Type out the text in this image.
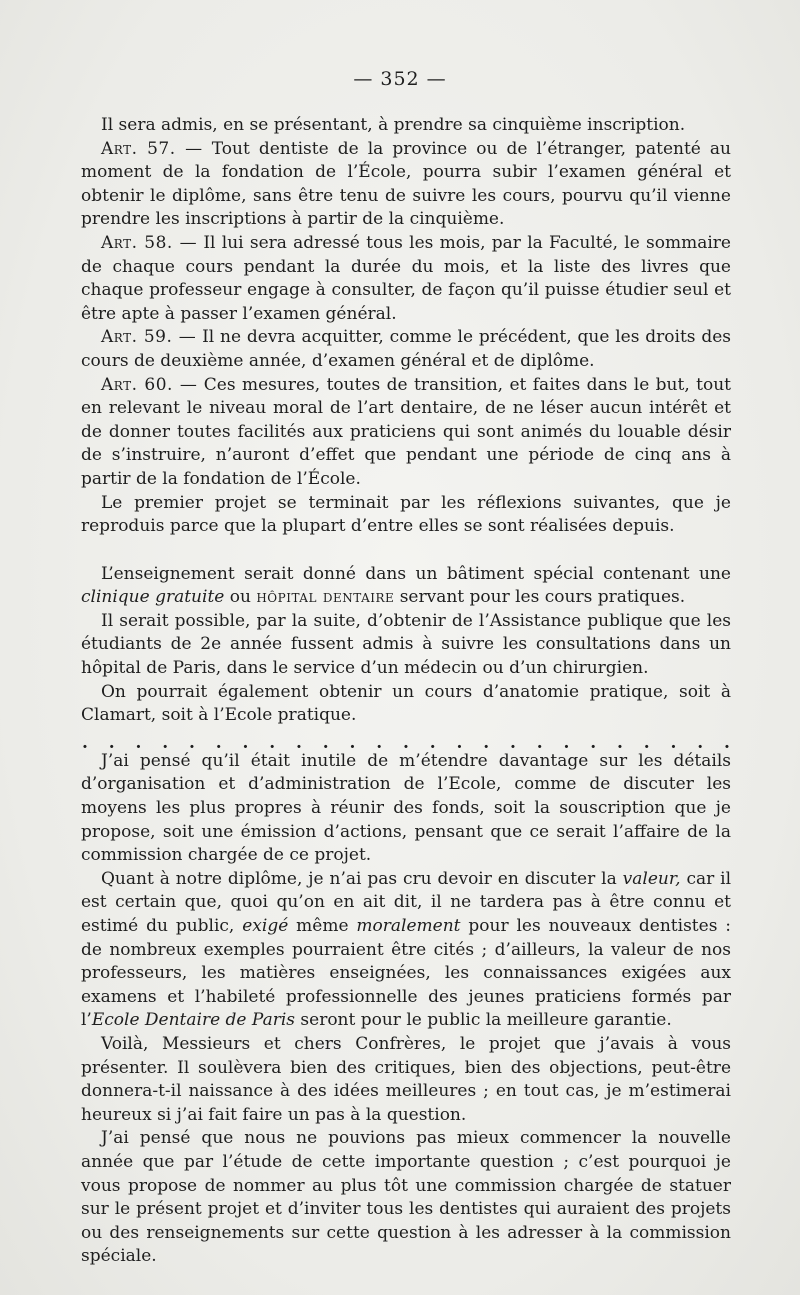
— 352 —

Il sera admis, en se présentant, à prendre sa cinquième inscription.

Art. 57. — Tout dentiste de la province ou de l’étranger, patenté au moment de la fondation de l’École, pourra subir l’examen général et obtenir le diplôme, sans être tenu de suivre les cours, pourvu qu’il vienne prendre les inscriptions à partir de la cinquième.

Art. 58. — Il lui sera adressé tous les mois, par la Faculté, le sommaire de chaque cours pendant la durée du mois, et la liste des livres que chaque professeur engage à consulter, de façon qu’il puisse étudier seul et être apte à passer l’examen général.

Art. 59. — Il ne devra acquitter, comme le précédent, que les droits des cours de deuxième année, d’examen général et de diplôme.

Art. 60. — Ces mesures, toutes de transition, et faites dans le but, tout en relevant le niveau moral de l’art dentaire, de ne léser aucun intérêt et de donner toutes facilités aux praticiens qui sont animés du louable désir de s’instruire, n’auront d’effet que pendant une période de cinq ans à partir de la fondation de l’École.

Le premier projet se terminait par les réflexions suivantes, que je reproduis parce que la plupart d’entre elles se sont réalisées depuis.

L’enseignement serait donné dans un bâtiment spécial contenant une clinique gratuite ou hôpital dentaire servant pour les cours pratiques.

Il serait possible, par la suite, d’obtenir de l’Assistance publique que les étudiants de 2e année fussent admis à suivre les consultations dans un hôpital de Paris, dans le service d’un médecin ou d’un chirurgien.

On pourrait également obtenir un cours d’anatomie pratique, soit à Clamart, soit à l’Ecole pratique.

. . . . . . . . . . . . . . . . . . . . . . . . .

J’ai pensé qu’il était inutile de m’étendre davantage sur les détails d’organisation et d’administration de l’Ecole, comme de discuter les moyens les plus propres à réunir des fonds, soit la souscription que je propose, soit une émission d’actions, pensant que ce serait l’affaire de la commission chargée de ce projet.

Quant à notre diplôme, je n’ai pas cru devoir en discuter la valeur, car il est certain que, quoi qu’on en ait dit, il ne tardera pas à être connu et estimé du public, exigé même moralement pour les nouveaux dentistes : de nombreux exemples pourraient être cités ; d’ailleurs, la valeur de nos professeurs, les matières enseignées, les connaissances exigées aux examens et l’habileté professionnelle des jeunes praticiens formés par l’Ecole Dentaire de Paris seront pour le public la meilleure garantie.

Voilà, Messieurs et chers Confrères, le projet que j’avais à vous présenter. Il soulèvera bien des critiques, bien des objections, peut-être donnera-t-il naissance à des idées meilleures ; en tout cas, je m’estimerai heureux si j’ai fait faire un pas à la question.

J’ai pensé que nous ne pouvions pas mieux commencer la nouvelle année que par l’étude de cette importante question ; c’est pourquoi je vous propose de nommer au plus tôt une commission chargée de statuer sur le présent projet et d’inviter tous les dentistes qui auraient des projets ou des renseignements sur cette question à les adresser à la commission spéciale.
